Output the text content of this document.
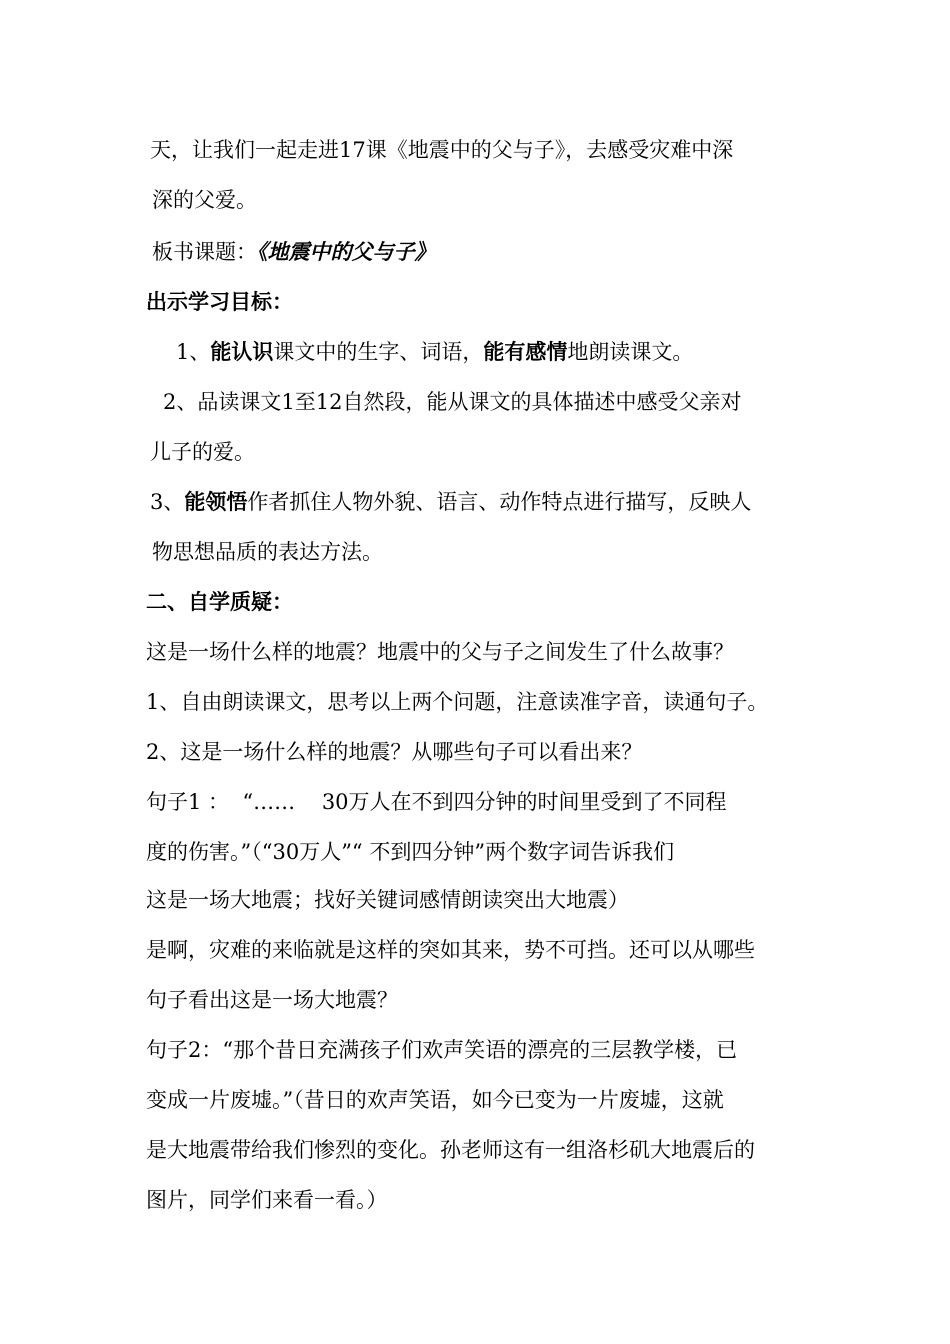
天，让我们一起走进17课《地震中的父与子》，去感受灾难中深
深的父爱。
板书课题：《地震中的父与子》
出示学习目标：
1、能认识课文中的生字、词语，能有感情地朗读课文。
2、品读课文1至12自然段，能从课文的具体描述中感受父亲对
儿子的爱。
3、能领悟作者抓住人物外貌、语言、动作特点进行描写，反映人
物思想品质的表达方法。
二、自学质疑：
这是一场什么样的地震？地震中的父与子之间发生了什么故事？
1、自由朗读课文，思考以上两个问题，注意读准字音，读通句子。
2、这是一场什么样的地震？从哪些句子可以看出来？
句子1 ：  “……    30万人在不到四分钟的时间里受到了不同程
度的伤害。”（“30万人”“ 不到四分钟”两个数字词告诉我们
这是一场大地震；找好关键词感情朗读突出大地震）
是啊，灾难的来临就是这样的突如其来，势不可挡。还可以从哪些
句子看出这是一场大地震？
句子2：“那个昔日充满孩子们欢声笑语的漂亮的三层教学楼，已
变成一片废墟。”（昔日的欢声笑语，如今已变为一片废墟，这就
是大地震带给我们惨烈的变化。孙老师这有一组洛杉矶大地震后的
图片，同学们来看一看。）
